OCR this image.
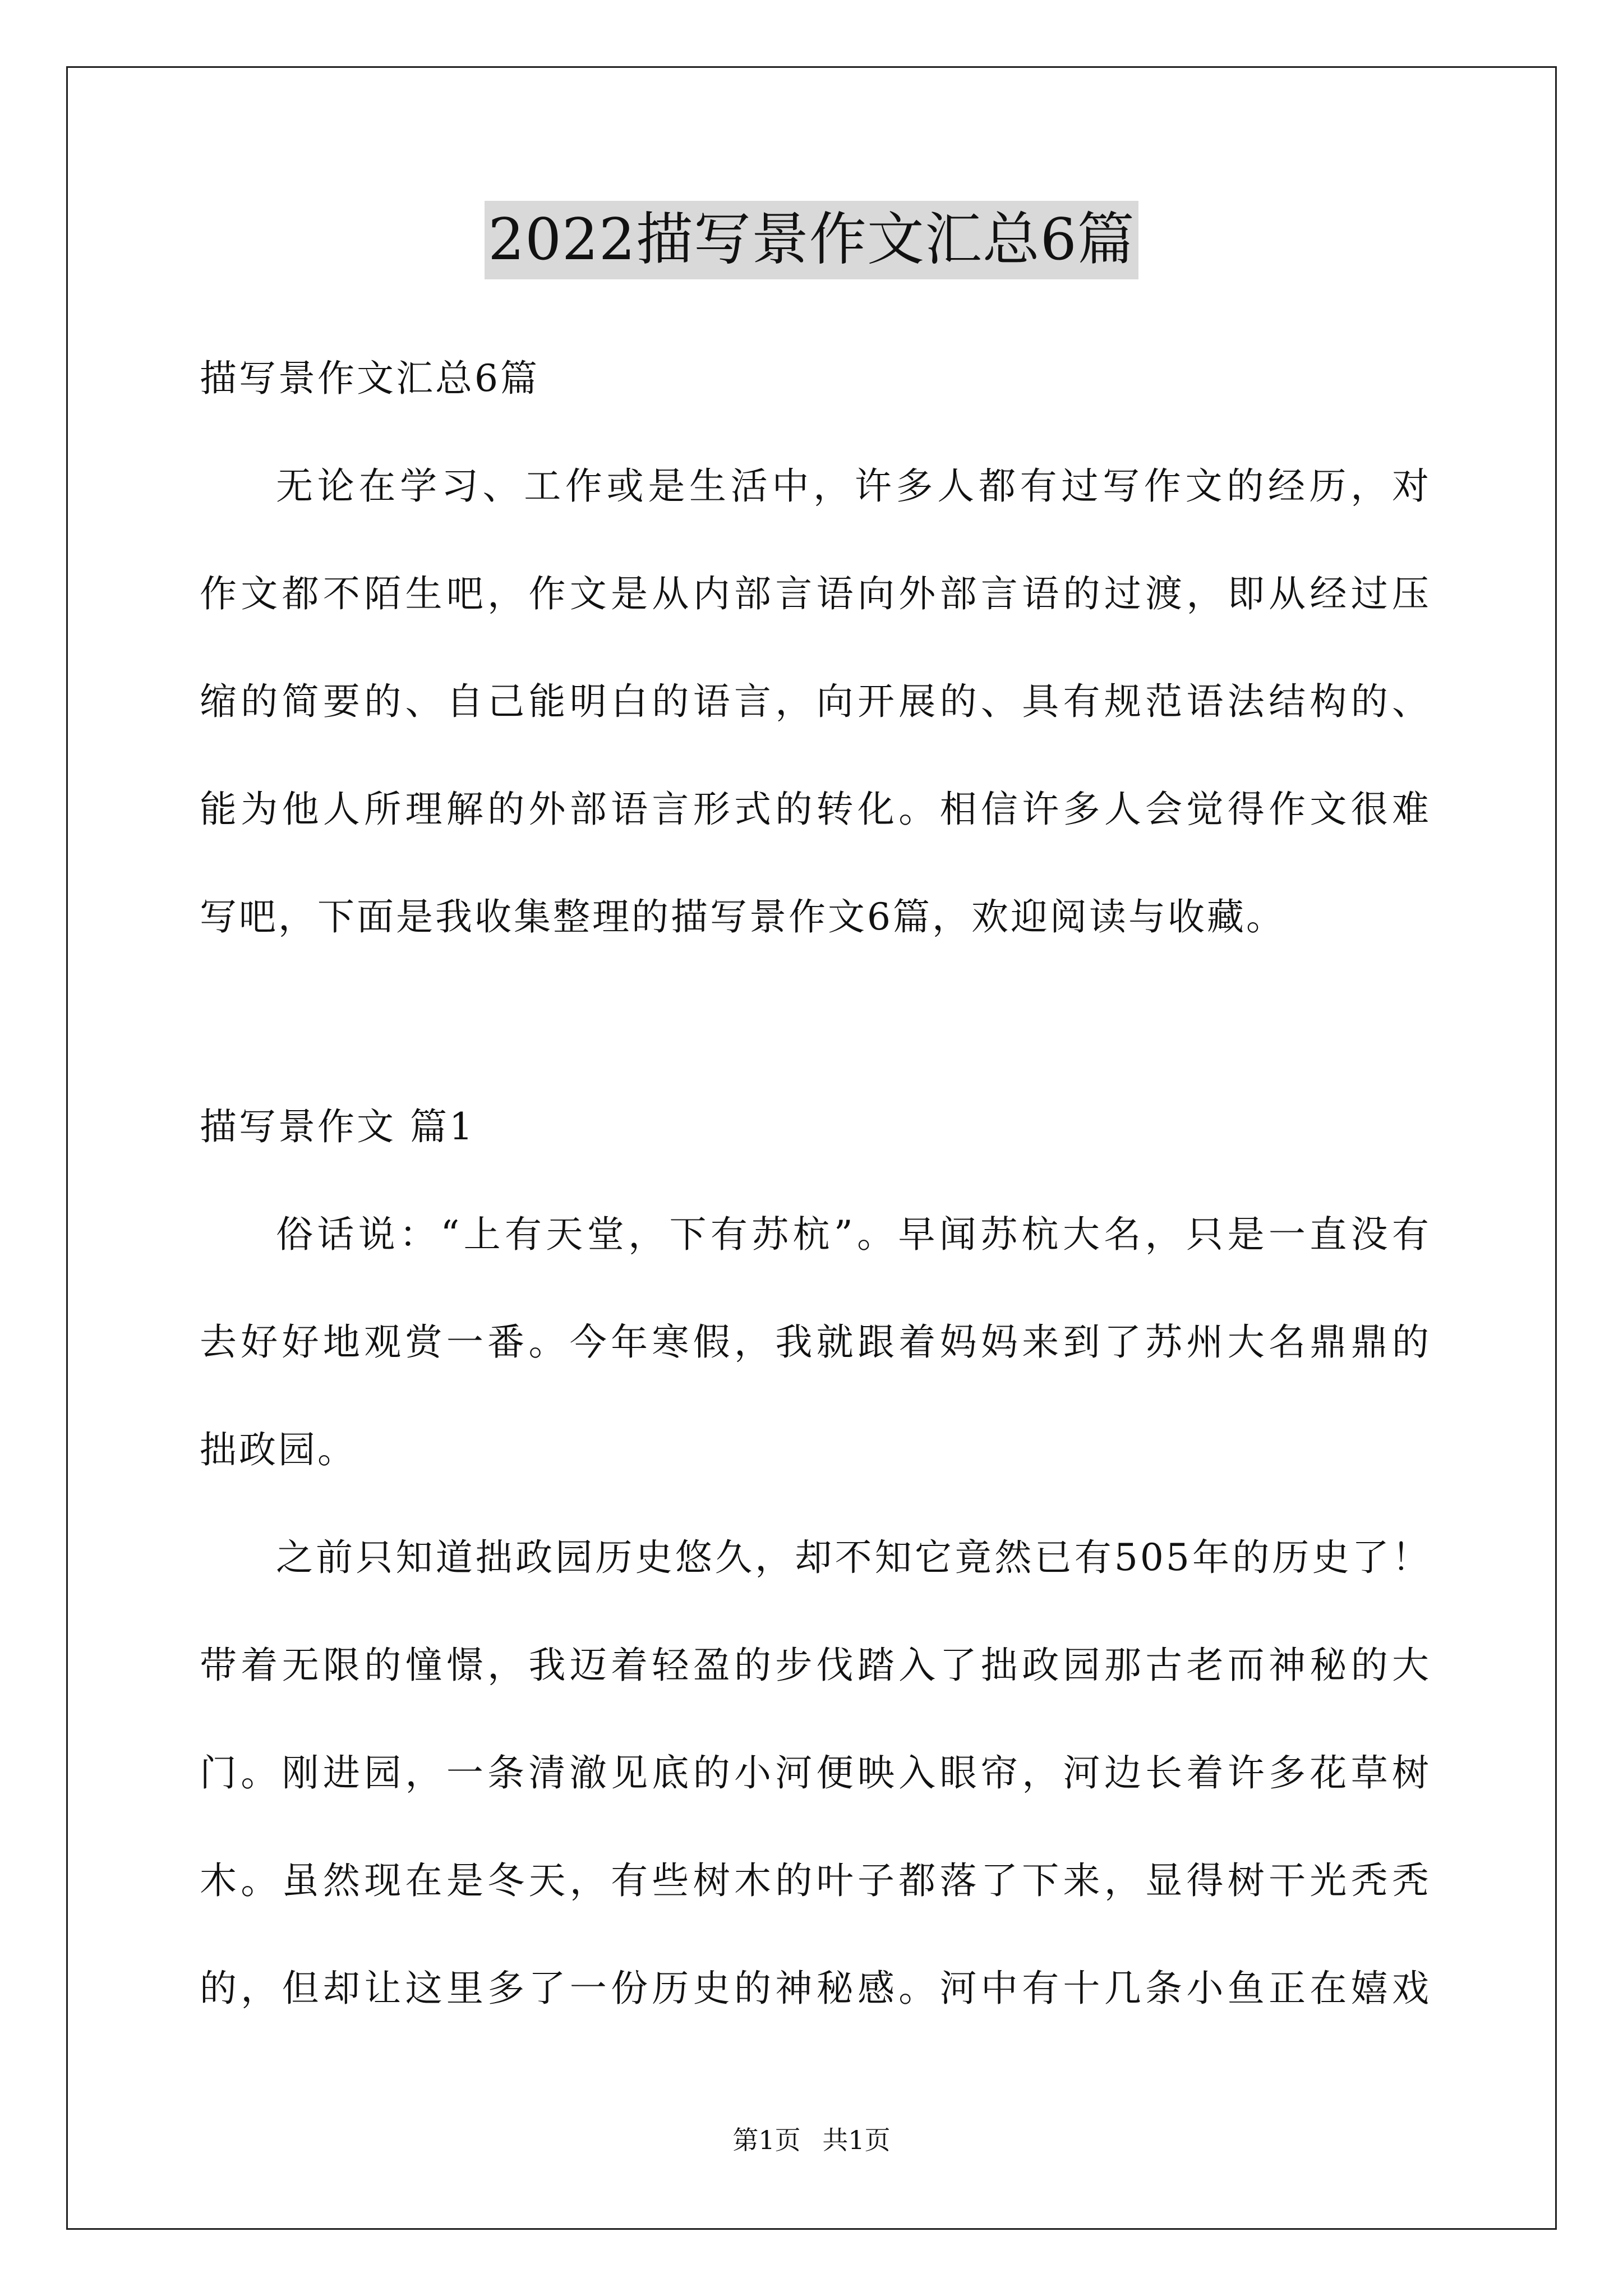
2022描写景作文汇总6篇
描写景作文汇总6篇
无论在学习、工作或是生活中，许多人都有过写作文的经历，对
作文都不陌生吧，作文是从内部言语向外部言语的过渡，即从经过压
缩的简要的、自己能明白的语言，向开展的、具有规范语法结构的、
能为他人所理解的外部语言形式的转化。相信许多人会觉得作文很难
写吧，下面是我收集整理的描写景作文6篇，欢迎阅读与收藏。
描写景作文 篇1
俗话说：“上有天堂，下有苏杭”。早闻苏杭大名，只是一直没有
去好好地观赏一番。今年寒假，我就跟着妈妈来到了苏州大名鼎鼎的
拙政园。
之前只知道拙政园历史悠久，却不知它竟然已有505年的历史了！
带着无限的憧憬，我迈着轻盈的步伐踏入了拙政园那古老而神秘的大
门。刚进园，一条清澈见底的小河便映入眼帘，河边长着许多花草树
木。虽然现在是冬天，有些树木的叶子都落了下来，显得树干光秃秃
的，但却让这里多了一份历史的神秘感。河中有十几条小鱼正在嬉戏
第1页 共1页
